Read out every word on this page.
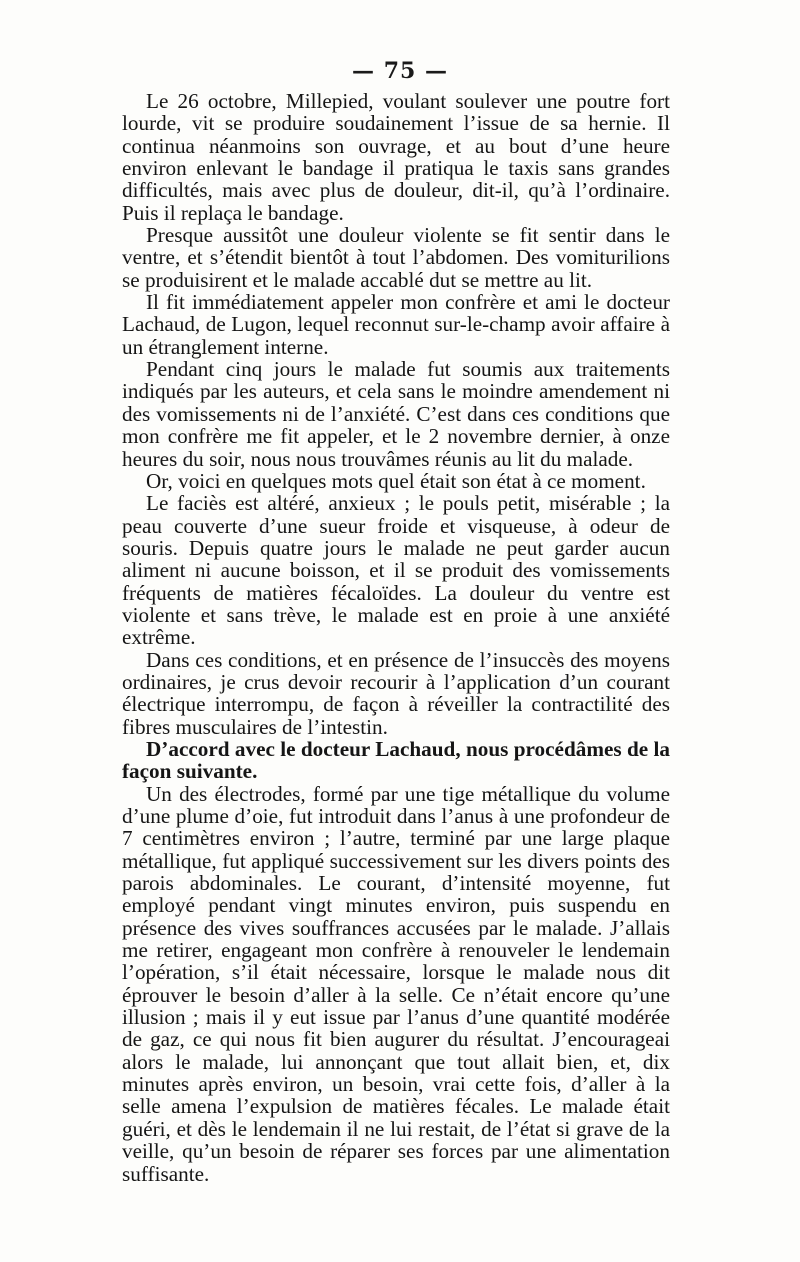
— 75 —

Le 26 octobre, Millepied, voulant soulever une poutre fort lourde, vit se produire soudainement l’issue de sa hernie. Il continua néanmoins son ouvrage, et au bout d’une heure environ enlevant le bandage il pratiqua le taxis sans grandes difficultés, mais avec plus de douleur, dit-il, qu’à l’ordinaire. Puis il replaça le bandage.

Presque aussitôt une douleur violente se fit sentir dans le ventre, et s’étendit bientôt à tout l’abdomen. Des vomiturilions se produisirent et le malade accablé dut se mettre au lit.

Il fit immédiatement appeler mon confrère et ami le docteur Lachaud, de Lugon, lequel reconnut sur-le-champ avoir affaire à un étranglement interne.

Pendant cinq jours le malade fut soumis aux traitements indiqués par les auteurs, et cela sans le moindre amendement ni des vomissements ni de l’anxiété. C’est dans ces conditions que mon confrère me fit appeler, et le 2 novembre dernier, à onze heures du soir, nous nous trouvâmes réunis au lit du malade.

Or, voici en quelques mots quel était son état à ce moment.

Le faciès est altéré, anxieux ; le pouls petit, misérable ; la peau couverte d’une sueur froide et visqueuse, à odeur de souris. Depuis quatre jours le malade ne peut garder aucun aliment ni aucune boisson, et il se produit des vomissements fréquents de matières fécaloïdes. La douleur du ventre est violente et sans trève, le malade est en proie à une anxiété extrême.

Dans ces conditions, et en présence de l’insuccès des moyens ordinaires, je crus devoir recourir à l’application d’un courant électrique interrompu, de façon à réveiller la contractilité des fibres musculaires de l’intestin.

D’accord avec le docteur Lachaud, nous procédâmes de la façon suivante.

Un des électrodes, formé par une tige métallique du volume d’une plume d’oie, fut introduit dans l’anus à une profondeur de 7 centimètres environ ; l’autre, terminé par une large plaque métallique, fut appliqué successivement sur les divers points des parois abdominales. Le courant, d’intensité moyenne, fut employé pendant vingt minutes environ, puis suspendu en présence des vives souffrances accusées par le malade. J’allais me retirer, engageant mon confrère à renouveler le lendemain l’opération, s’il était nécessaire, lorsque le malade nous dit éprouver le besoin d’aller à la selle. Ce n’était encore qu’une illusion ; mais il y eut issue par l’anus d’une quantité modérée de gaz, ce qui nous fit bien augurer du résultat. J’encourageai alors le malade, lui annonçant que tout allait bien, et, dix minutes après environ, un besoin, vrai cette fois, d’aller à la selle amena l’expulsion de matières fécales. Le malade était guéri, et dès le lendemain il ne lui restait, de l’état si grave de la veille, qu’un besoin de réparer ses forces par une alimentation suffisante.
